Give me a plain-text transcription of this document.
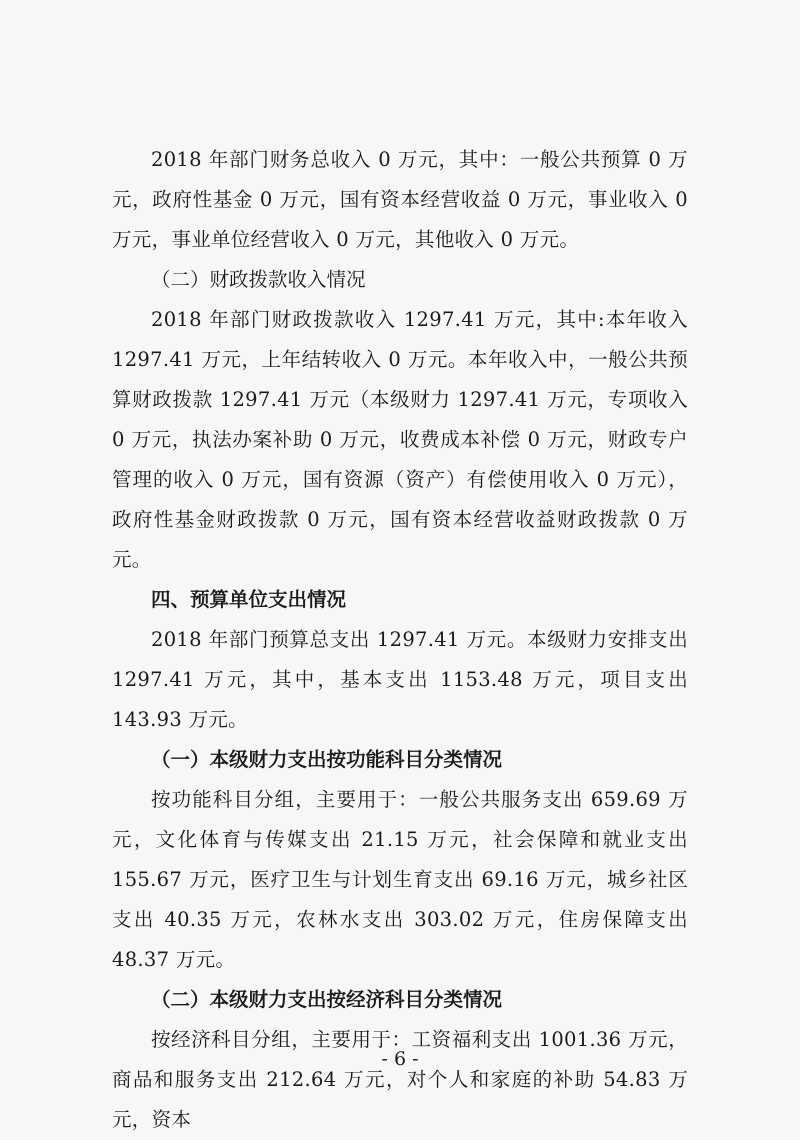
2018 年部门财务总收入 0 万元，其中：一般公共预算 0 万元，政府性基金 0 万元，国有资本经营收益 0 万元，事业收入 0 万元，事业单位经营收入 0 万元，其他收入 0 万元。

（二）财政拨款收入情况

2018 年部门财政拨款收入 1297.41 万元，其中:本年收入 1297.41 万元，上年结转收入 0 万元。本年收入中，一般公共预算财政拨款 1297.41 万元（本级财力 1297.41 万元，专项收入 0 万元，执法办案补助 0 万元，收费成本补偿 0 万元，财政专户管理的收入 0 万元，国有资源（资产）有偿使用收入 0 万元），政府性基金财政拨款 0 万元，国有资本经营收益财政拨款 0 万元。

四、预算单位支出情况

2018 年部门预算总支出 1297.41 万元。本级财力安排支出 1297.41 万元，其中，基本支出 1153.48 万元，项目支出 143.93 万元。

（一）本级财力支出按功能科目分类情况

按功能科目分组，主要用于：一般公共服务支出 659.69 万元，文化体育与传媒支出 21.15 万元，社会保障和就业支出 155.67 万元，医疗卫生与计划生育支出 69.16 万元，城乡社区支出 40.35 万元，农林水支出 303.02 万元，住房保障支出 48.37 万元。

（二）本级财力支出按经济科目分类情况

按经济科目分组，主要用于：工资福利支出 1001.36 万元，商品和服务支出 212.64 万元，对个人和家庭的补助 54.83 万元，资本

- 6 -
